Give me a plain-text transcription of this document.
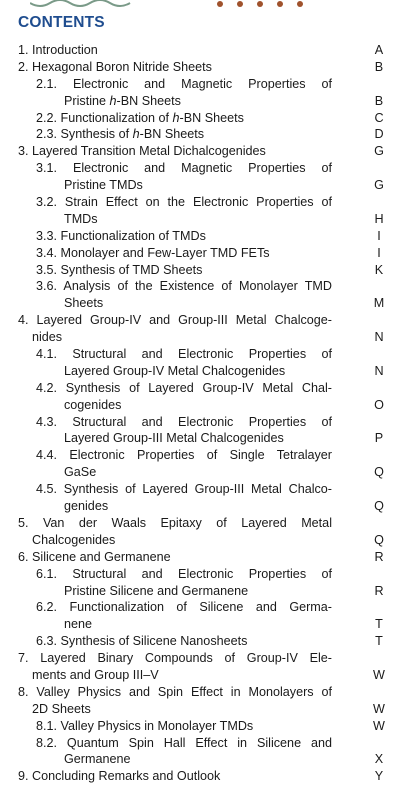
CONTENTS
1. Introduction	A
2. Hexagonal Boron Nitride Sheets	B
2.1. Electronic and Magnetic Properties of
Pristine h-BN Sheets	B
2.2. Functionalization of h-BN Sheets	C
2.3. Synthesis of h-BN Sheets	D
3. Layered Transition Metal Dichalcogenides	G
3.1. Electronic and Magnetic Properties of
Pristine TMDs	G
3.2. Strain Effect on the Electronic Properties of
TMDs	H
3.3. Functionalization of TMDs	I
3.4. Monolayer and Few-Layer TMD FETs	I
3.5. Synthesis of TMD Sheets	K
3.6. Analysis of the Existence of Monolayer TMD
Sheets	M
4. Layered Group-IV and Group-III Metal Chalcoge-
nides	N
4.1. Structural and Electronic Properties of
Layered Group-IV Metal Chalcogenides	N
4.2. Synthesis of Layered Group-IV Metal Chal-
cogenides	O
4.3. Structural and Electronic Properties of
Layered Group-III Metal Chalcogenides	P
4.4. Electronic Properties of Single Tetralayer
GaSe	Q
4.5. Synthesis of Layered Group-III Metal Chalco-
genides	Q
5. Van der Waals Epitaxy of Layered Metal
Chalcogenides	Q
6. Silicene and Germanene	R
6.1. Structural and Electronic Properties of
Pristine Silicene and Germanene	R
6.2. Functionalization of Silicene and Germa-
nene	T
6.3. Synthesis of Silicene Nanosheets	T
7. Layered Binary Compounds of Group-IV Ele-
ments and Group III–V	W
8. Valley Physics and Spin Effect in Monolayers of
2D Sheets	W
8.1. Valley Physics in Monolayer TMDs	W
8.2. Quantum Spin Hall Effect in Silicene and
Germanene	X
9. Concluding Remarks and Outlook	Y
